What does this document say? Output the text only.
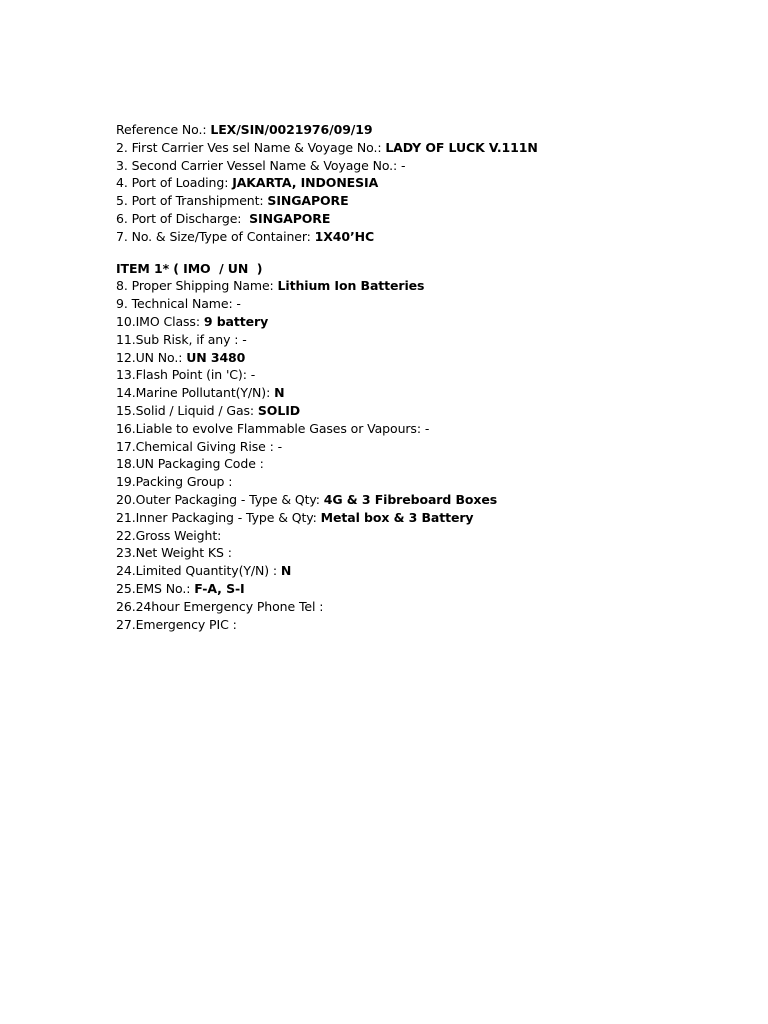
Reference No.: LEX/SIN/0021976/09/19
2. First Carrier Ves sel Name & Voyage No.: LADY OF LUCK V.111N
3. Second Carrier Vessel Name & Voyage No.: -
4. Port of Loading: JAKARTA, INDONESIA
5. Port of Transhipment: SINGAPORE
6. Port of Discharge:  SINGAPORE
7. No. & Size/Type of Container: 1X40’HC
ITEM 1* ( IMO  / UN  )
8. Proper Shipping Name: Lithium Ion Batteries
9. Technical Name: -
10.IMO Class: 9 battery
11.Sub Risk, if any : -
12.UN No.: UN 3480
13.Flash Point (in 'C): -
14.Marine Pollutant(Y/N): N
15.Solid / Liquid / Gas: SOLID
16.Liable to evolve Flammable Gases or Vapours: -
17.Chemical Giving Rise : -
18.UN Packaging Code :
19.Packing Group :
20.Outer Packaging - Type & Qty: 4G & 3 Fibreboard Boxes
21.Inner Packaging - Type & Qty: Metal box & 3 Battery
22.Gross Weight:
23.Net Weight KS :
24.Limited Quantity(Y/N) : N
25.EMS No.: F-A, S-I
26.24hour Emergency Phone Tel :
27.Emergency PIC :
